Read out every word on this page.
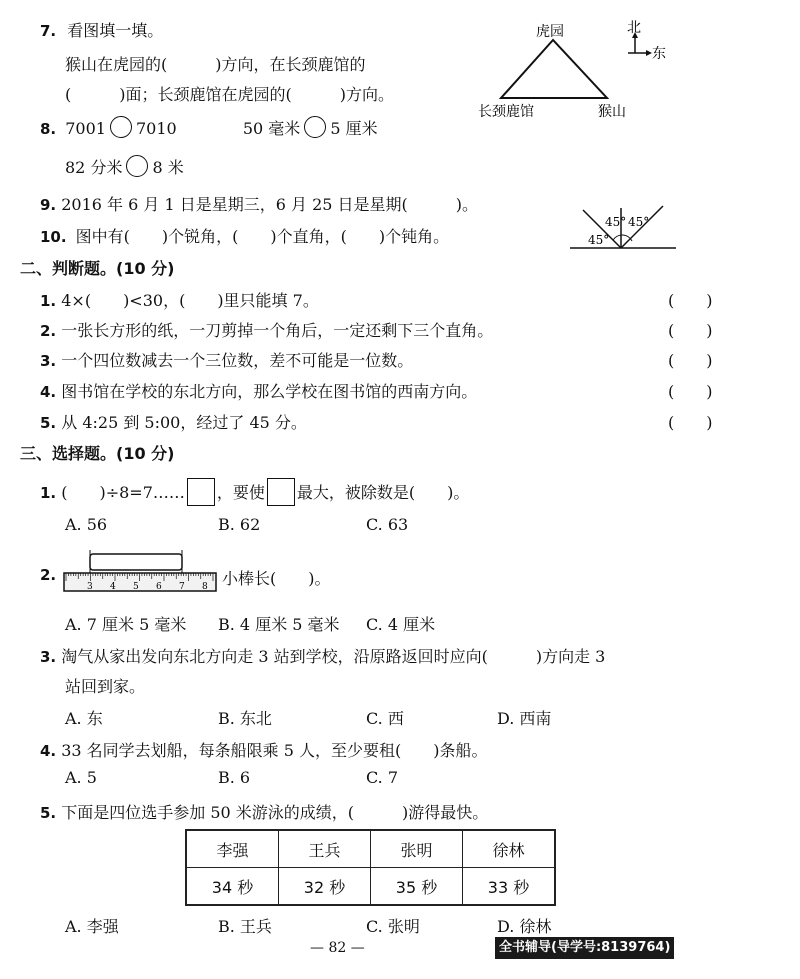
7. 看图填一填。
猴山在虎园的(　　　)方向，在长颈鹿馆的
(　　　)面；长颈鹿馆在虎园的(　　　)方向。
虎园
长颈鹿馆	猴山
北
东
8. 7001 7010	50 毫米 5 厘米
82 分米 8 米
9. 2016 年 6 月 1 日是星期三，6 月 25 日是星期(　　　)。
10. 图中有(　　)个锐角，(　　)个直角，(　　)个钝角。
45° 45°
45°
二、判断题。(10 分)
1. 4×(　　)<30，(　　)里只能填 7。	(　　)
2. 一张长方形的纸，一刀剪掉一个角后，一定还剩下三个直角。	(　　)
3. 一个四位数减去一个三位数，差不可能是一位数。	(　　)
4. 图书馆在学校的东北方向，那么学校在图书馆的西南方向。	(　　)
5. 从 4:25 到 5:00，经过了 45 分。	(　　)
三、选择题。(10 分)
1. (　　)÷8=7…… ，要使 最大，被除数是(　　)。
A. 56	B. 62	C. 63
2.
3 4 5 6 7 8 小棒长(　　)。
A. 7 厘米 5 毫米 B. 4 厘米 5 毫米 C. 4 厘米
3. 淘气从家出发向东北方向走 3 站到学校，沿原路返回时应向(　　　)方向走 3
站回到家。
A. 东	B. 东北	C. 西	D. 西南
4. 33 名同学去划船，每条船限乘 5 人，至少要租(　　)条船。
A. 5	B. 6	C. 7
5. 下面是四位选手参加 50 米游泳的成绩，(　　　)游得最快。
李强	王兵	张明	徐林
34 秒	32 秒	35 秒	33 秒
A. 李强	B. 王兵	C. 张明	D. 徐林
— 82 —	全书辅导(导学号:8139764)
